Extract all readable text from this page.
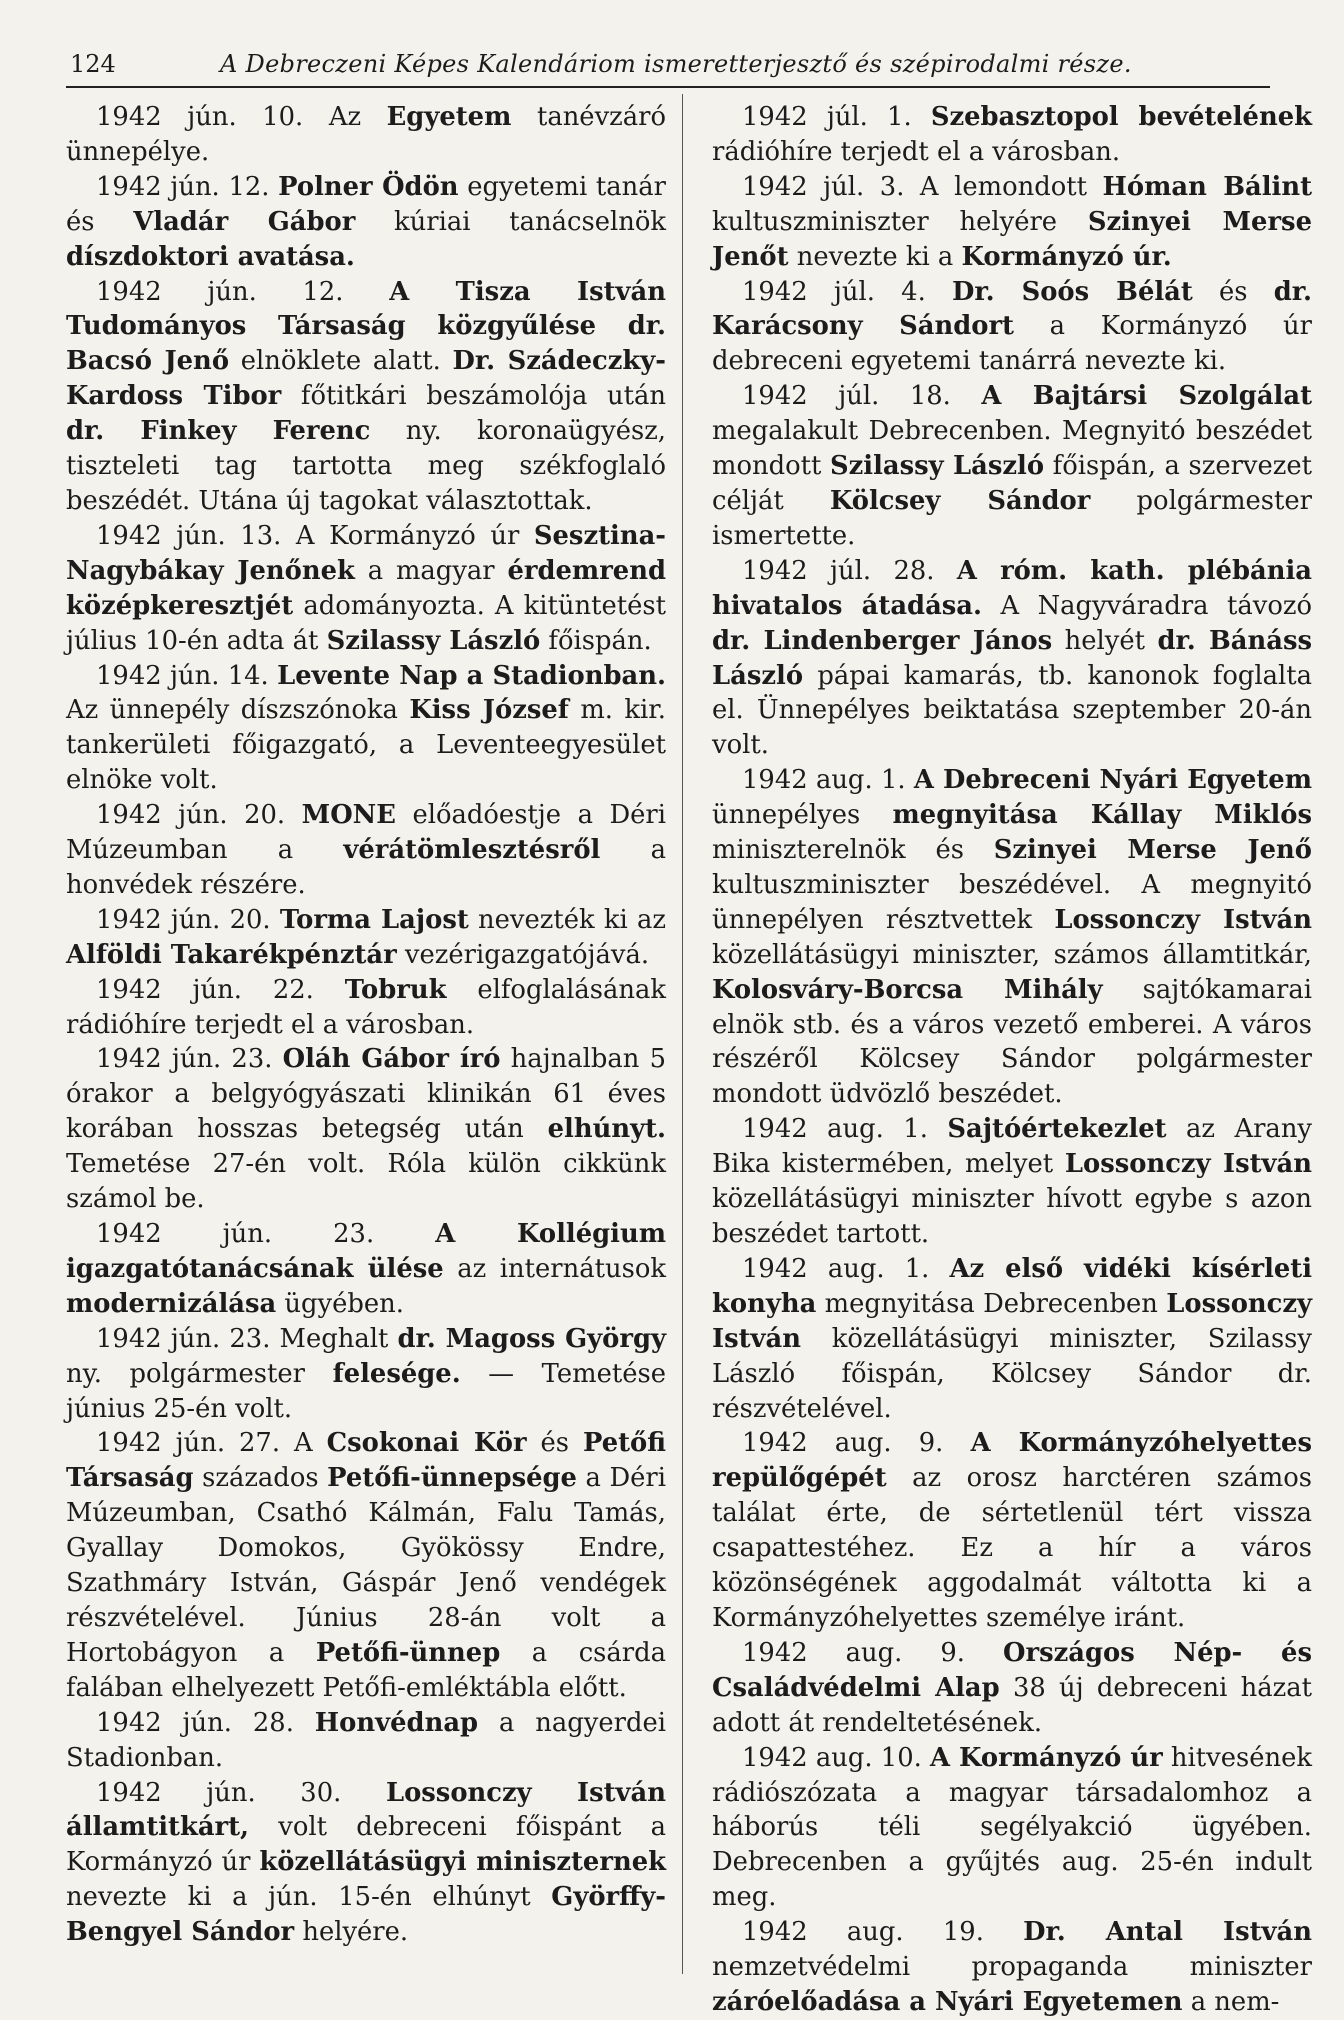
124	A Debreczeni Képes Kalendáriom ismeretterjesztő és szépirodalmi része.

1942 jún. 10. Az Egyetem tanévzáró ünnepélye.

1942 jún. 12. Polner Ödön egyetemi tanár és Vladár Gábor kúriai tanácselnök díszdoktori avatása.

1942 jún. 12. A Tisza István Tudományos Társaság közgyűlése dr. Bacsó Jenő elnöklete alatt. Dr. Szádeczky-Kardoss Tibor főtitkári beszámolója után dr. Finkey Ferenc ny. koronaügyész, tiszteleti tag tartotta meg székfoglaló beszédét. Utána új tagokat választottak.

1942 jún. 13. A Kormányzó úr Sesztina-Nagybákay Jenőnek a magyar érdemrend középkeresztjét adományozta. A kitüntetést július 10-én adta át Szilassy László főispán.

1942 jún. 14. Levente Nap a Stadionban. Az ünnepély díszszónoka Kiss József m. kir. tankerületi főigazgató, a Leventeegyesület elnöke volt.

1942 jún. 20. MONE előadóestje a Déri Múzeumban a vérátömlesztésről a honvédek részére.

1942 jún. 20. Torma Lajost nevezték ki az Alföldi Takarékpénztár vezérigazgatójává.

1942 jún. 22. Tobruk elfoglalásának rádióhíre terjedt el a városban.

1942 jún. 23. Oláh Gábor író hajnalban 5 órakor a belgyógyászati klinikán 61 éves korában hosszas betegség után elhúnyt. Temetése 27-én volt. Róla külön cikkünk számol be.

1942 jún. 23. A Kollégium igazgatótanácsának ülése az internátusok modernizálása ügyében.

1942 jún. 23. Meghalt dr. Magoss György ny. polgármester felesége. — Temetése június 25-én volt.

1942 jún. 27. A Csokonai Kör és Petőfi Társaság százados Petőfi-ünnepsége a Déri Múzeumban, Csathó Kálmán, Falu Tamás, Gyallay Domokos, Gyökössy Endre, Szathmáry István, Gáspár Jenő vendégek részvételével. Június 28-án volt a Hortobágyon a Petőfi-ünnep a csárda falában elhelyezett Petőfi-emléktábla előtt.

1942 jún. 28. Honvédnap a nagyerdei Stadionban.

1942 jún. 30. Lossonczy István államtitkárt, volt debreceni főispánt a Kormányzó úr közellátásügyi miniszternek nevezte ki a jún. 15-én elhúnyt Györffy-Bengyel Sándor helyére.

1942 júl. 1. Szebasztopol bevételének rádióhíre terjedt el a városban.

1942 júl. 3. A lemondott Hóman Bálint kultuszminiszter helyére Szinyei Merse Jenőt nevezte ki a Kormányzó úr.

1942 júl. 4. Dr. Soós Bélát és dr. Karácsony Sándort a Kormányzó úr debreceni egyetemi tanárrá nevezte ki.

1942 júl. 18. A Bajtársi Szolgálat megalakult Debrecenben. Megnyitó beszédet mondott Szilassy László főispán, a szervezet célját Kölcsey Sándor polgármester ismertette.

1942 júl. 28. A róm. kath. plébánia hivatalos átadása. A Nagyváradra távozó dr. Lindenberger János helyét dr. Bánáss László pápai kamarás, tb. kanonok foglalta el. Ünnepélyes beiktatása szeptember 20-án volt.

1942 aug. 1. A Debreceni Nyári Egyetem ünnepélyes megnyitása Kállay Miklós miniszterelnök és Szinyei Merse Jenő kultuszminiszter beszédével. A megnyitó ünnepélyen résztvettek Lossonczy István közellátásügyi miniszter, számos államtitkár, Kolosváry-Borcsa Mihály sajtókamarai elnök stb. és a város vezető emberei. A város részéről Kölcsey Sándor polgármester mondott üdvözlő beszédet.

1942 aug. 1. Sajtóértekezlet az Arany Bika kistermében, melyet Lossonczy István közellátásügyi miniszter hívott egybe s azon beszédet tartott.

1942 aug. 1. Az első vidéki kísérleti konyha megnyitása Debrecenben Lossonczy István közellátásügyi miniszter, Szilassy László főispán, Kölcsey Sándor dr. részvételével.

1942 aug. 9. A Kormányzóhelyettes repülőgépét az orosz harctéren számos találat érte, de sértetlenül tért vissza csapattestéhez. Ez a hír a város közönségének aggodalmát váltotta ki a Kormányzóhelyettes személye iránt.

1942 aug. 9. Országos Nép- és Családvédelmi Alap 38 új debreceni házat adott át rendeltetésének.

1942 aug. 10. A Kormányzó úr hitvesének rádiószózata a magyar társadalomhoz a háborús téli segélyakció ügyében. Debrecenben a gyűjtés aug. 25-én indult meg.

1942 aug. 19. Dr. Antal István nemzetvédelmi propaganda miniszter záróelőadása a Nyári Egyetemen a nem-
